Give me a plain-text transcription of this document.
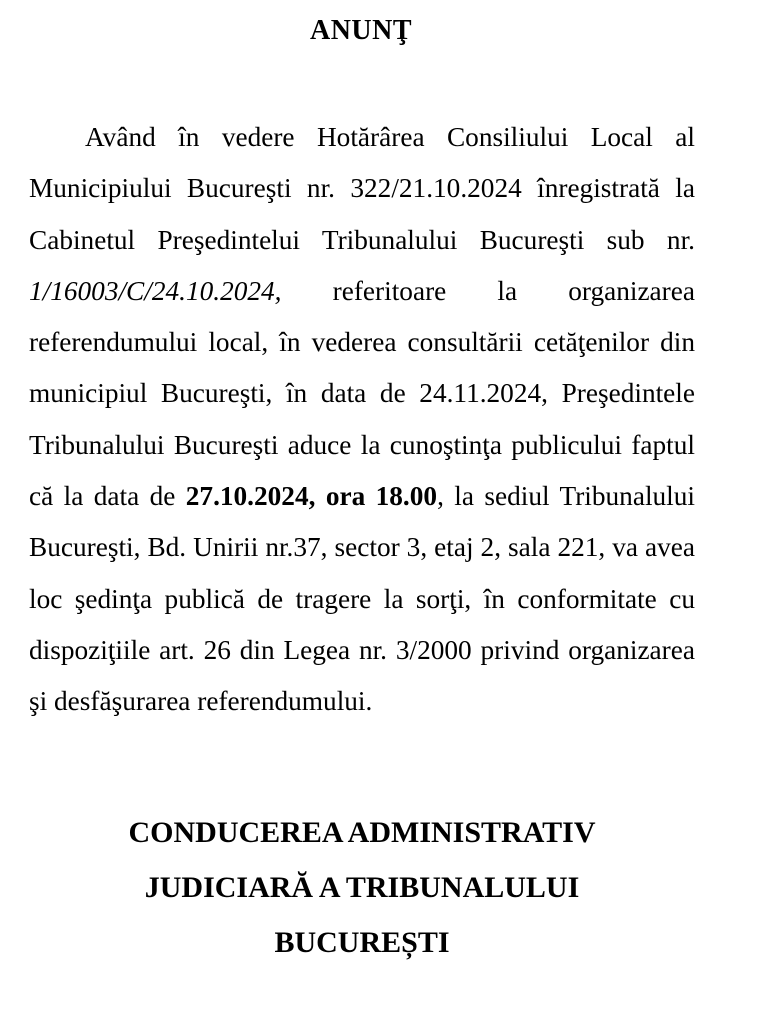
ANUNŢ

Având în vedere Hotărârea Consiliului Local al Municipiului Bucureşti nr. 322/21.10.2024 înregistrată la Cabinetul Preşedintelui Tribunalului Bucureşti sub nr. 1/16003/C/24.10.2024, referitoare la organizarea referendumului local, în vederea consultării cetăţenilor din municipiul Bucureşti, în data de 24.11.2024, Preşedintele Tribunalului Bucureşti aduce la cunoştinţa publicului faptul că la data de 27.10.2024, ora 18.00, la sediul Tribunalului Bucureşti, Bd. Unirii nr.37, sector 3, etaj 2, sala 221, va avea loc şedinţa publică de tragere la sorţi, în conformitate cu dispoziţiile art. 26 din Legea nr. 3/2000 privind organizarea şi desfăşurarea referendumului.

CONDUCEREA ADMINISTRATIV
JUDICIARĂ A TRIBUNALULUI
BUCUREȘTI
